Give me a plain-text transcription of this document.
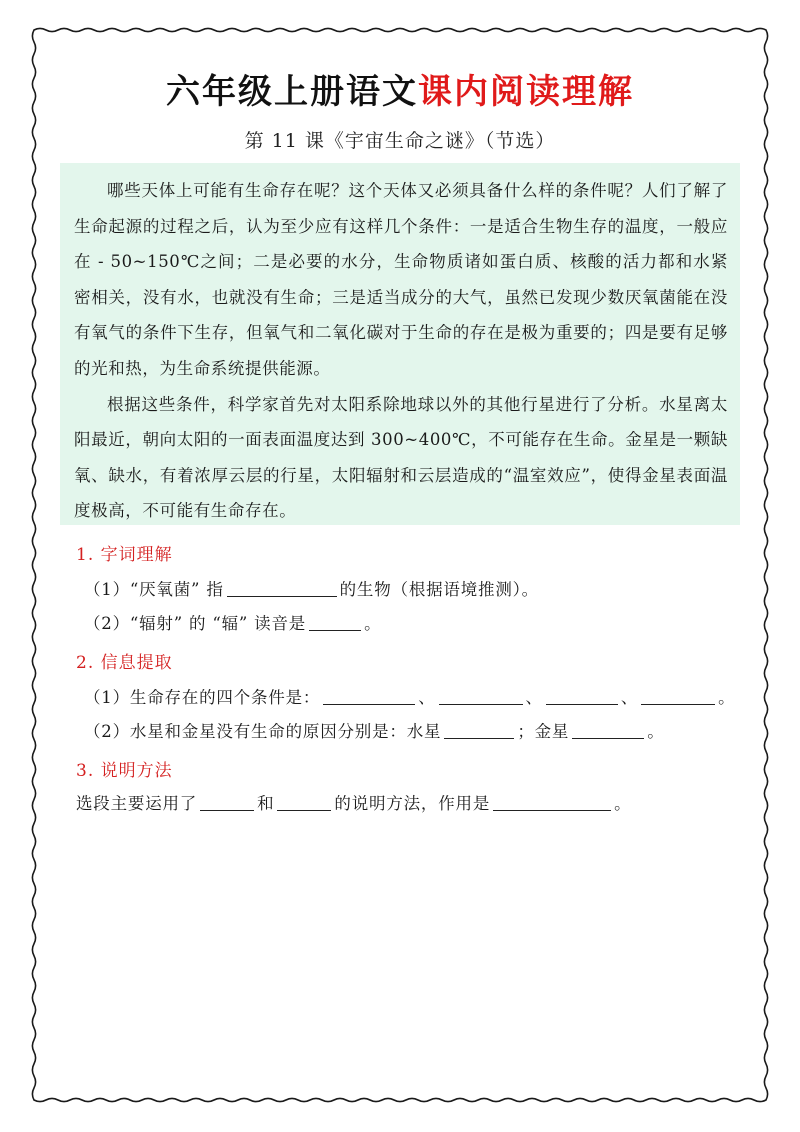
六年级上册语文课内阅读理解
第 11 课《宇宙生命之谜》（节选）

哪些天体上可能有生命存在呢？这个天体又必须具备什么样的条件呢？人们了解了生命起源的过程之后，认为至少应有这样几个条件：一是适合生物生存的温度，一般应在 - 50~150℃之间；二是必要的水分，生命物质诸如蛋白质、核酸的活力都和水紧密相关，没有水，也就没有生命；三是适当成分的大气，虽然已发现少数厌氧菌能在没有氧气的条件下生存，但氧气和二氧化碳对于生命的存在是极为重要的；四是要有足够的光和热，为生命系统提供能源。

根据这些条件，科学家首先对太阳系除地球以外的其他行星进行了分析。水星离太阳最近，朝向太阳的一面表面温度达到 300~400℃，不可能存在生命。金星是一颗缺氧、缺水，有着浓厚云层的行星，太阳辐射和云层造成的“温室效应”，使得金星表面温度极高，不可能有生命存在。

1. 字词理解
（1）“厌氧菌” 指	的生物（根据语境推测）。
（2）“辐射” 的 “辐” 读音是	。
2. 信息提取
（1）生命存在的四个条件是：	、	、	、	。
（2）水星和金星没有生命的原因分别是：水星	；金星	。
3. 说明方法
选段主要运用了	和	的说明方法，作用是	。
